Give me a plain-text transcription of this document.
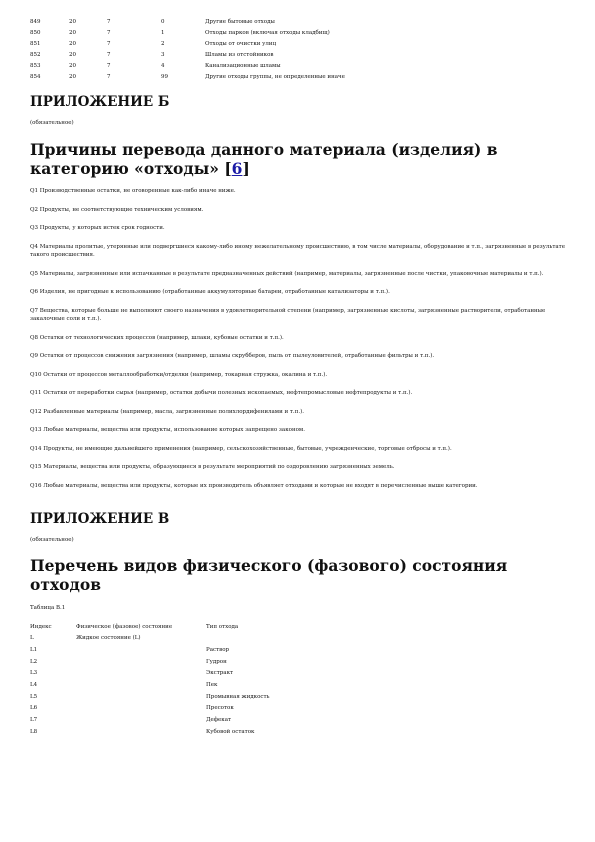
849	20	7	0	Другие бытовые отходы
850	20	7	1	Отходы парков (включая отходы кладбищ)
851	20	7	2	Отходы от очистки улиц
852	20	7	3	Шламы из отстойников
853	20	7	4	Канализационные шламы
854	20	7	99	Другие отходы группы, не определенные иначе
ПРИЛОЖЕНИЕ Б

(обязательное)

Причины перевода данного материала (изделия) в категорию «отходы» [6]

Q1 Производственные остатки, не оговоренные как-либо иначе ниже.

Q2 Продукты, не соответствующие техническим условиям.

Q3 Продукты, у которых истек срок годности.

Q4 Материалы пролитые, утерянные или подвергшиеся какому-либо иному нежелательному происшествию, в том числе материалы, оборудование и т.п., загрязненные в результате такого происшествия.

Q5 Материалы, загрязненные или испачканные в результате предназначенных действий (например, материалы, загрязненные после чистки, упаковочные материалы и т.п.).

Q6 Изделия, не пригодные к использованию (отработанные аккумуляторные батареи, отработанные катализаторы и т.п.).

Q7 Вещества, которые больше не выполняют своего назначения в удовлетворительной степени (например, загрязненные кислоты, загрязненные растворители, отработанные закалочные соли и т.п.).

Q8 Остатки от технологических процессов (например, шлаки, кубовые остатки и т.п.).

Q9 Остатки от процессов снижения загрязнения (например, шламы скрубберов, пыль от пылеуловителей, отработанные фильтры и т.п.).

Q10 Остатки от процессов металлообработки/отделки (например, токарная стружка, окалина и т.п.).

Q11 Остатки от переработки сырья (например, остатки добычи полезных ископаемых, нефтепромысловые нефтепродукты и т.п.).

Q12 Разбавленные материалы (например, масла, загрязненные полихлордифенилами и т.п.).

Q13 Любые материалы, вещества или продукты, использование которых запрещено законом.

Q14 Продукты, не имеющие дальнейшего применения (например, сельскохозяйственные, бытовые, учрежденческие, торговые отбросы и т.п.).

Q15 Материалы, вещества или продукты, образующиеся в результате мероприятий по оздоровлению загрязненных земель.

Q16 Любые материалы, вещества или продукты, которые их производитель объявляет отходами и которые не входят в перечисленные выше категории.

ПРИЛОЖЕНИЕ В

(обязательное)

Перечень видов физического (фазового) состояния отходов

Таблица В.1

Индекс	Физическое (фазовое) состояние	Тип отхода
L	Жидкое состояние (L)	
L1		Раствор
L2		Гудрон
L3		Экстракт
L4		Пек
L5		Промывная жидкость
L6		Пресоток
L7		Дефекат
L8		Кубовой остаток
